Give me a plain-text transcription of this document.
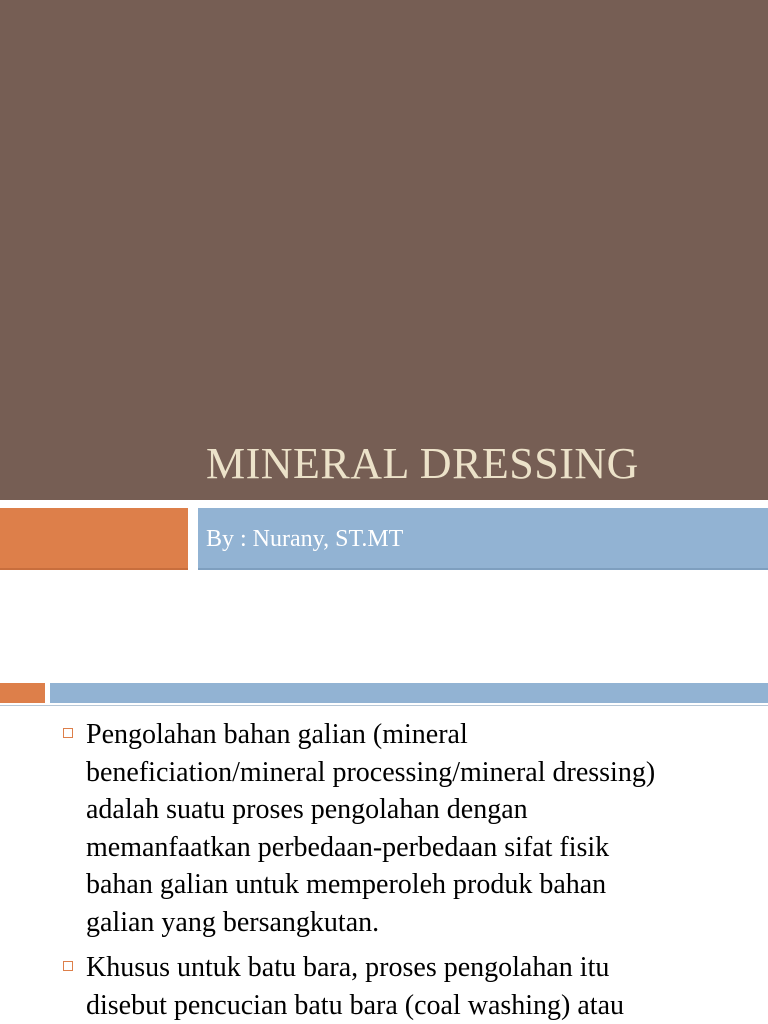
MINERAL DRESSING
By : Nurany, ST.MT
Pengolahan bahan galian (mineral
beneficiation/mineral processing/mineral dressing)
adalah suatu proses pengolahan dengan
memanfaatkan perbedaan-perbedaan sifat fisik
bahan galian untuk memperoleh produk bahan
galian yang bersangkutan.
Khusus untuk batu bara, proses pengolahan itu
disebut pencucian batu bara (coal washing) atau
